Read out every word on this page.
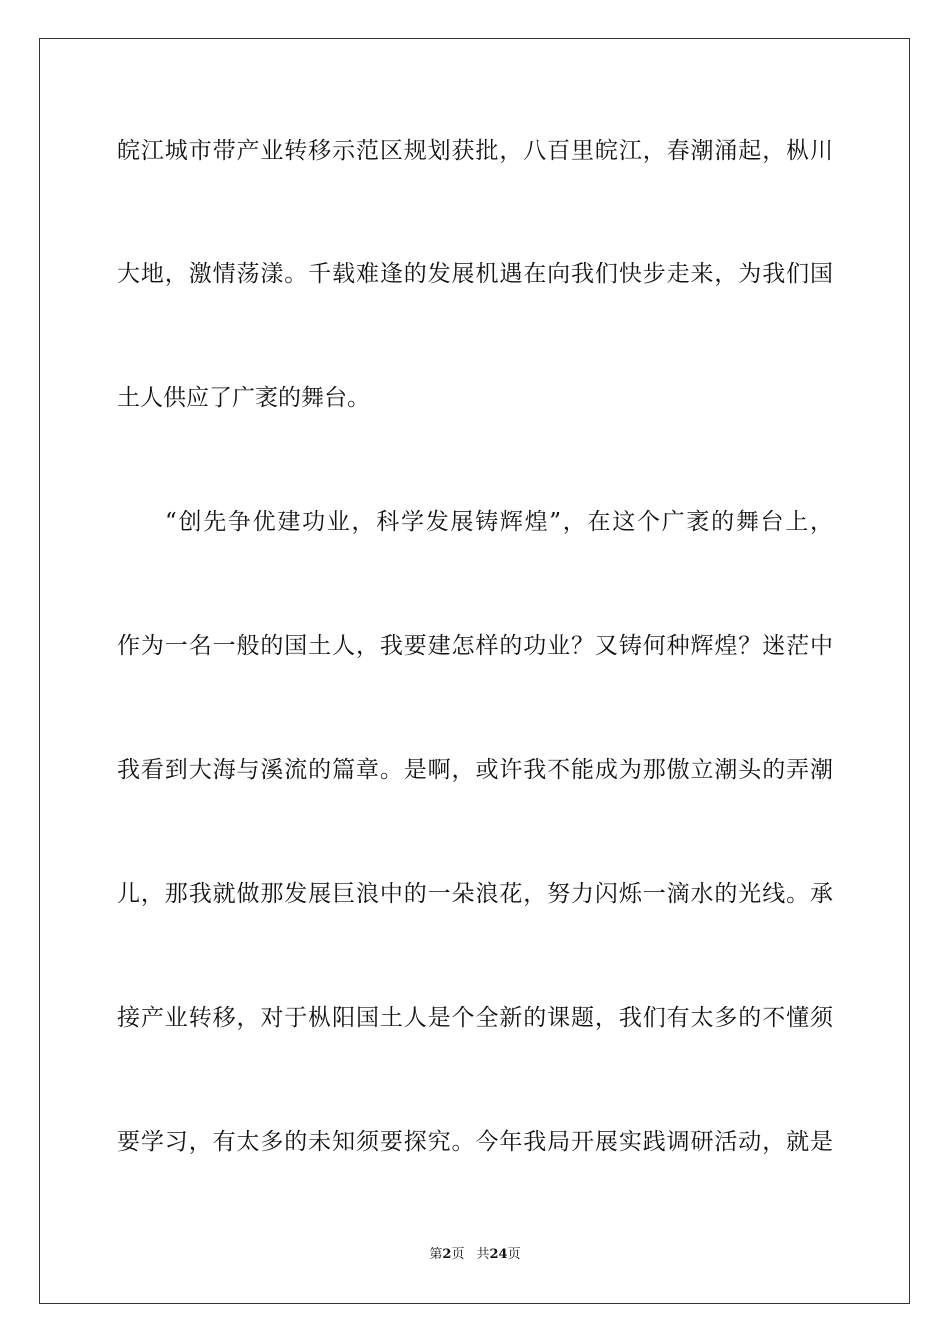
皖江城市带产业转移示范区规划获批，八百里皖江，春潮涌起，枞川
大地，激情荡漾。千载难逢的发展机遇在向我们快步走来，为我们国
土人供应了广袤的舞台。
“创先争优建功业，科学发展铸辉煌”，在这个广袤的舞台上，
作为一名一般的国土人，我要建怎样的功业？又铸何种辉煌？迷茫中
我看到大海与溪流的篇章。是啊，或许我不能成为那傲立潮头的弄潮
儿，那我就做那发展巨浪中的一朵浪花，努力闪烁一滴水的光线。承
接产业转移，对于枞阳国土人是个全新的课题，我们有太多的不懂须
要学习，有太多的未知须要探究。今年我局开展实践调研活动，就是
第2页 共24页
